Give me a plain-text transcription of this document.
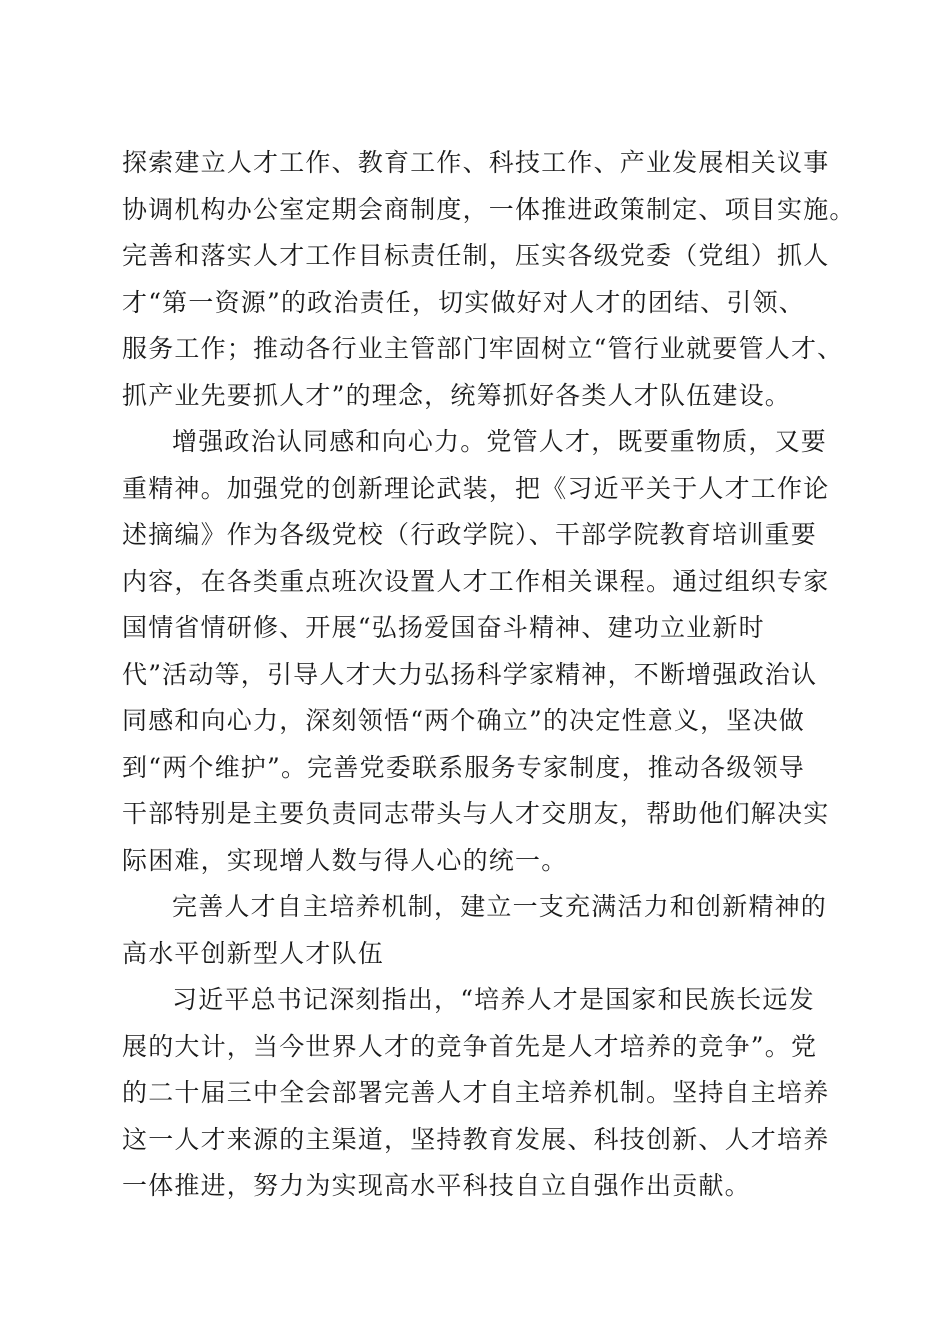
探索建立人才工作、教育工作、科技工作、产业发展相关议事
协调机构办公室定期会商制度，一体推进政策制定、项目实施。
完善和落实人才工作目标责任制，压实各级党委（党组）抓人
才“第一资源”的政治责任，切实做好对人才的团结、引领、
服务工作；推动各行业主管部门牢固树立“管行业就要管人才、
抓产业先要抓人才”的理念，统筹抓好各类人才队伍建设。
增强政治认同感和向心力。党管人才，既要重物质，又要
重精神。加强党的创新理论武装，把《习近平关于人才工作论
述摘编》作为各级党校（行政学院）、干部学院教育培训重要
内容，在各类重点班次设置人才工作相关课程。通过组织专家
国情省情研修、开展“弘扬爱国奋斗精神、建功立业新时
代”活动等，引导人才大力弘扬科学家精神，不断增强政治认
同感和向心力，深刻领悟“两个确立”的决定性意义，坚决做
到“两个维护”。完善党委联系服务专家制度，推动各级领导
干部特别是主要负责同志带头与人才交朋友，帮助他们解决实
际困难，实现增人数与得人心的统一。
完善人才自主培养机制，建立一支充满活力和创新精神的
高水平创新型人才队伍
习近平总书记深刻指出，“培养人才是国家和民族长远发
展的大计，当今世界人才的竞争首先是人才培养的竞争”。党
的二十届三中全会部署完善人才自主培养机制。坚持自主培养
这一人才来源的主渠道，坚持教育发展、科技创新、人才培养
一体推进，努力为实现高水平科技自立自强作出贡献。
